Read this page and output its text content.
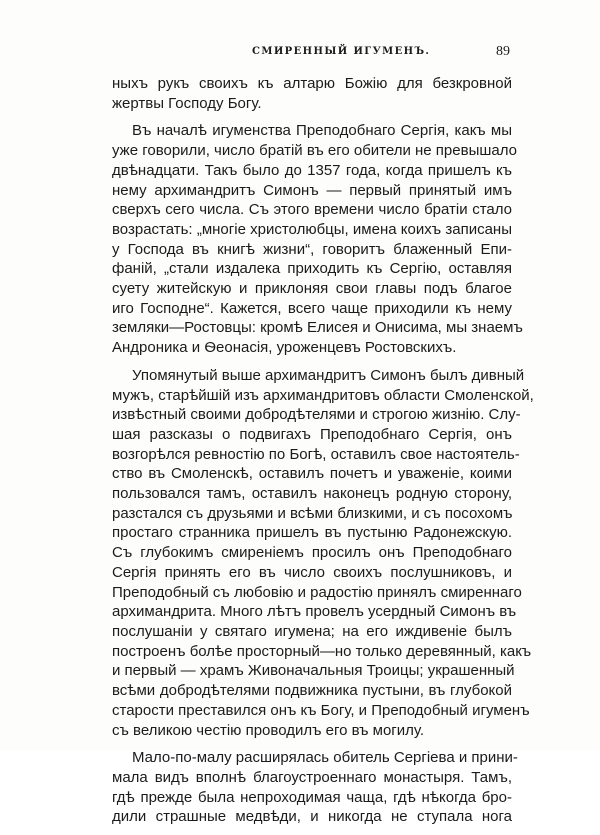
СМИРЕННЫЙ ИГУМЕНЪ.	89

ныхъ рукъ своихъ къ алтарю Божію для безкровной
жертвы Господу Богу.

Въ началѣ игуменства Преподобнаго Сергія, какъ мы
уже говорили, число братій въ его обители не превышало
двѣнадцати. Такъ было до 1357 года, когда пришелъ къ
нему архимандритъ Симонъ — первый принятый имъ
сверхъ сего числа. Съ этого времени число братіи стало
возрастать: „многіе христолюбцы, имена коихъ записаны
у Господа въ книгѣ жизни“, говоритъ блаженный Епи-
фаній, „стали издалека приходить къ Сергію, оставляя
суету житейскую и приклоняя свои главы подъ благое
иго Господне“. Кажется, всего чаще приходили къ нему
земляки—Ростовцы: кромѣ Елисея и Онисима, мы знаемъ
Андроника и Ѳеонасія, уроженцевъ Ростовскихъ.

Упомянутый выше архимандритъ Симонъ былъ дивный
мужъ, старѣйшій изъ архимандритовъ области Смоленской,
извѣстный своими добродѣтелями и строгою жизнію. Слу-
шая разсказы о подвигахъ Преподобнаго Сергія, онъ
возгорѣлся ревностію по Богѣ, оставилъ свое настоятель-
ство въ Смоленскѣ, оставилъ почетъ и уваженіе, коими
пользовался тамъ, оставилъ наконецъ родную сторону,
разстался съ друзьями и всѣми близкими, и съ посохомъ
простаго странника пришелъ въ пустыню Радонежскую.
Съ глубокимъ смиреніемъ просилъ онъ Преподобнаго
Сергія принять его въ число своихъ послушниковъ, и
Преподобный съ любовію и радостію принялъ смиреннаго
архимандрита. Много лѣтъ провелъ усердный Симонъ въ
послушаніи у святаго игумена; на его иждивеніе былъ
построенъ болѣе просторный—но только деревянный, какъ
и первый — храмъ Живоначальныя Троицы; украшенный
всѣми добродѣтелями подвижника пустыни, въ глубокой
старости преставился онъ къ Богу, и Преподобный игуменъ
съ великою честію проводилъ его въ могилу.

Мало-по-малу расширялась обитель Сергіева и прини-
мала видъ вполнѣ благоустроеннаго монастыря. Тамъ,
гдѣ прежде была непроходимая чаща, гдѣ нѣкогда бро-
дили страшные медвѣди, и никогда не ступала нога
